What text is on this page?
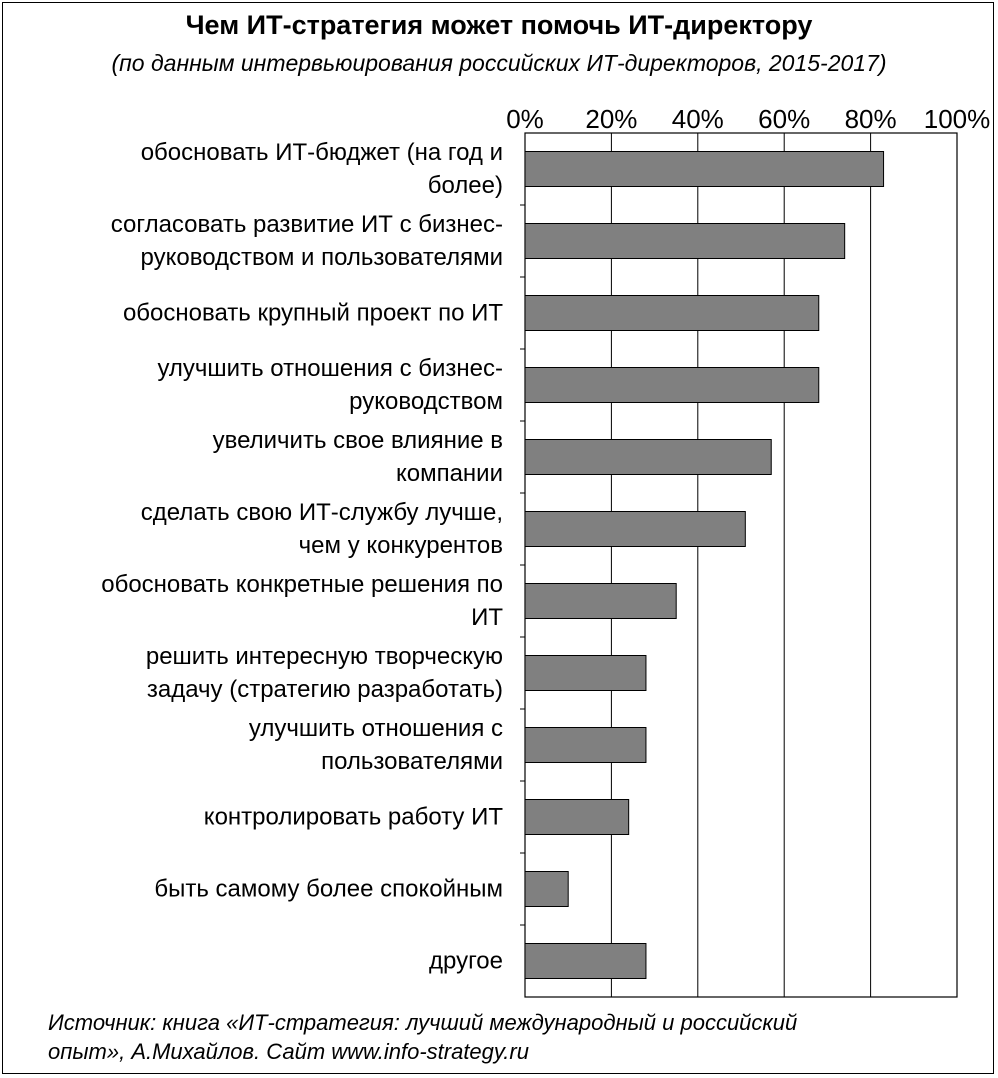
Чем ИТ-стратегия может помочь ИТ-директору
(по данным интервьюирования российских ИТ-директоров, 2015-2017)
0% 20% 40% 60% 80% 100%
обосновать ИТ-бюджет (на год и
более)
согласовать развитие ИТ с бизнес-
руководством и пользователями
обосновать крупный проект по ИТ
улучшить отношения с бизнес-
руководством
увеличить свое влияние в
компании
сделать свою ИТ-службу лучше,
чем у конкурентов
обосновать конкретные решения по
ИТ
решить интересную творческую
задачу (стратегию разработать)
улучшить отношения с
пользователями
контролировать работу ИТ
быть самому более спокойным
другое
Источник: книга «ИТ-стратегия: лучший международный и российский
опыт», А.Михайлов. Сайт www.info-strategy.ru
